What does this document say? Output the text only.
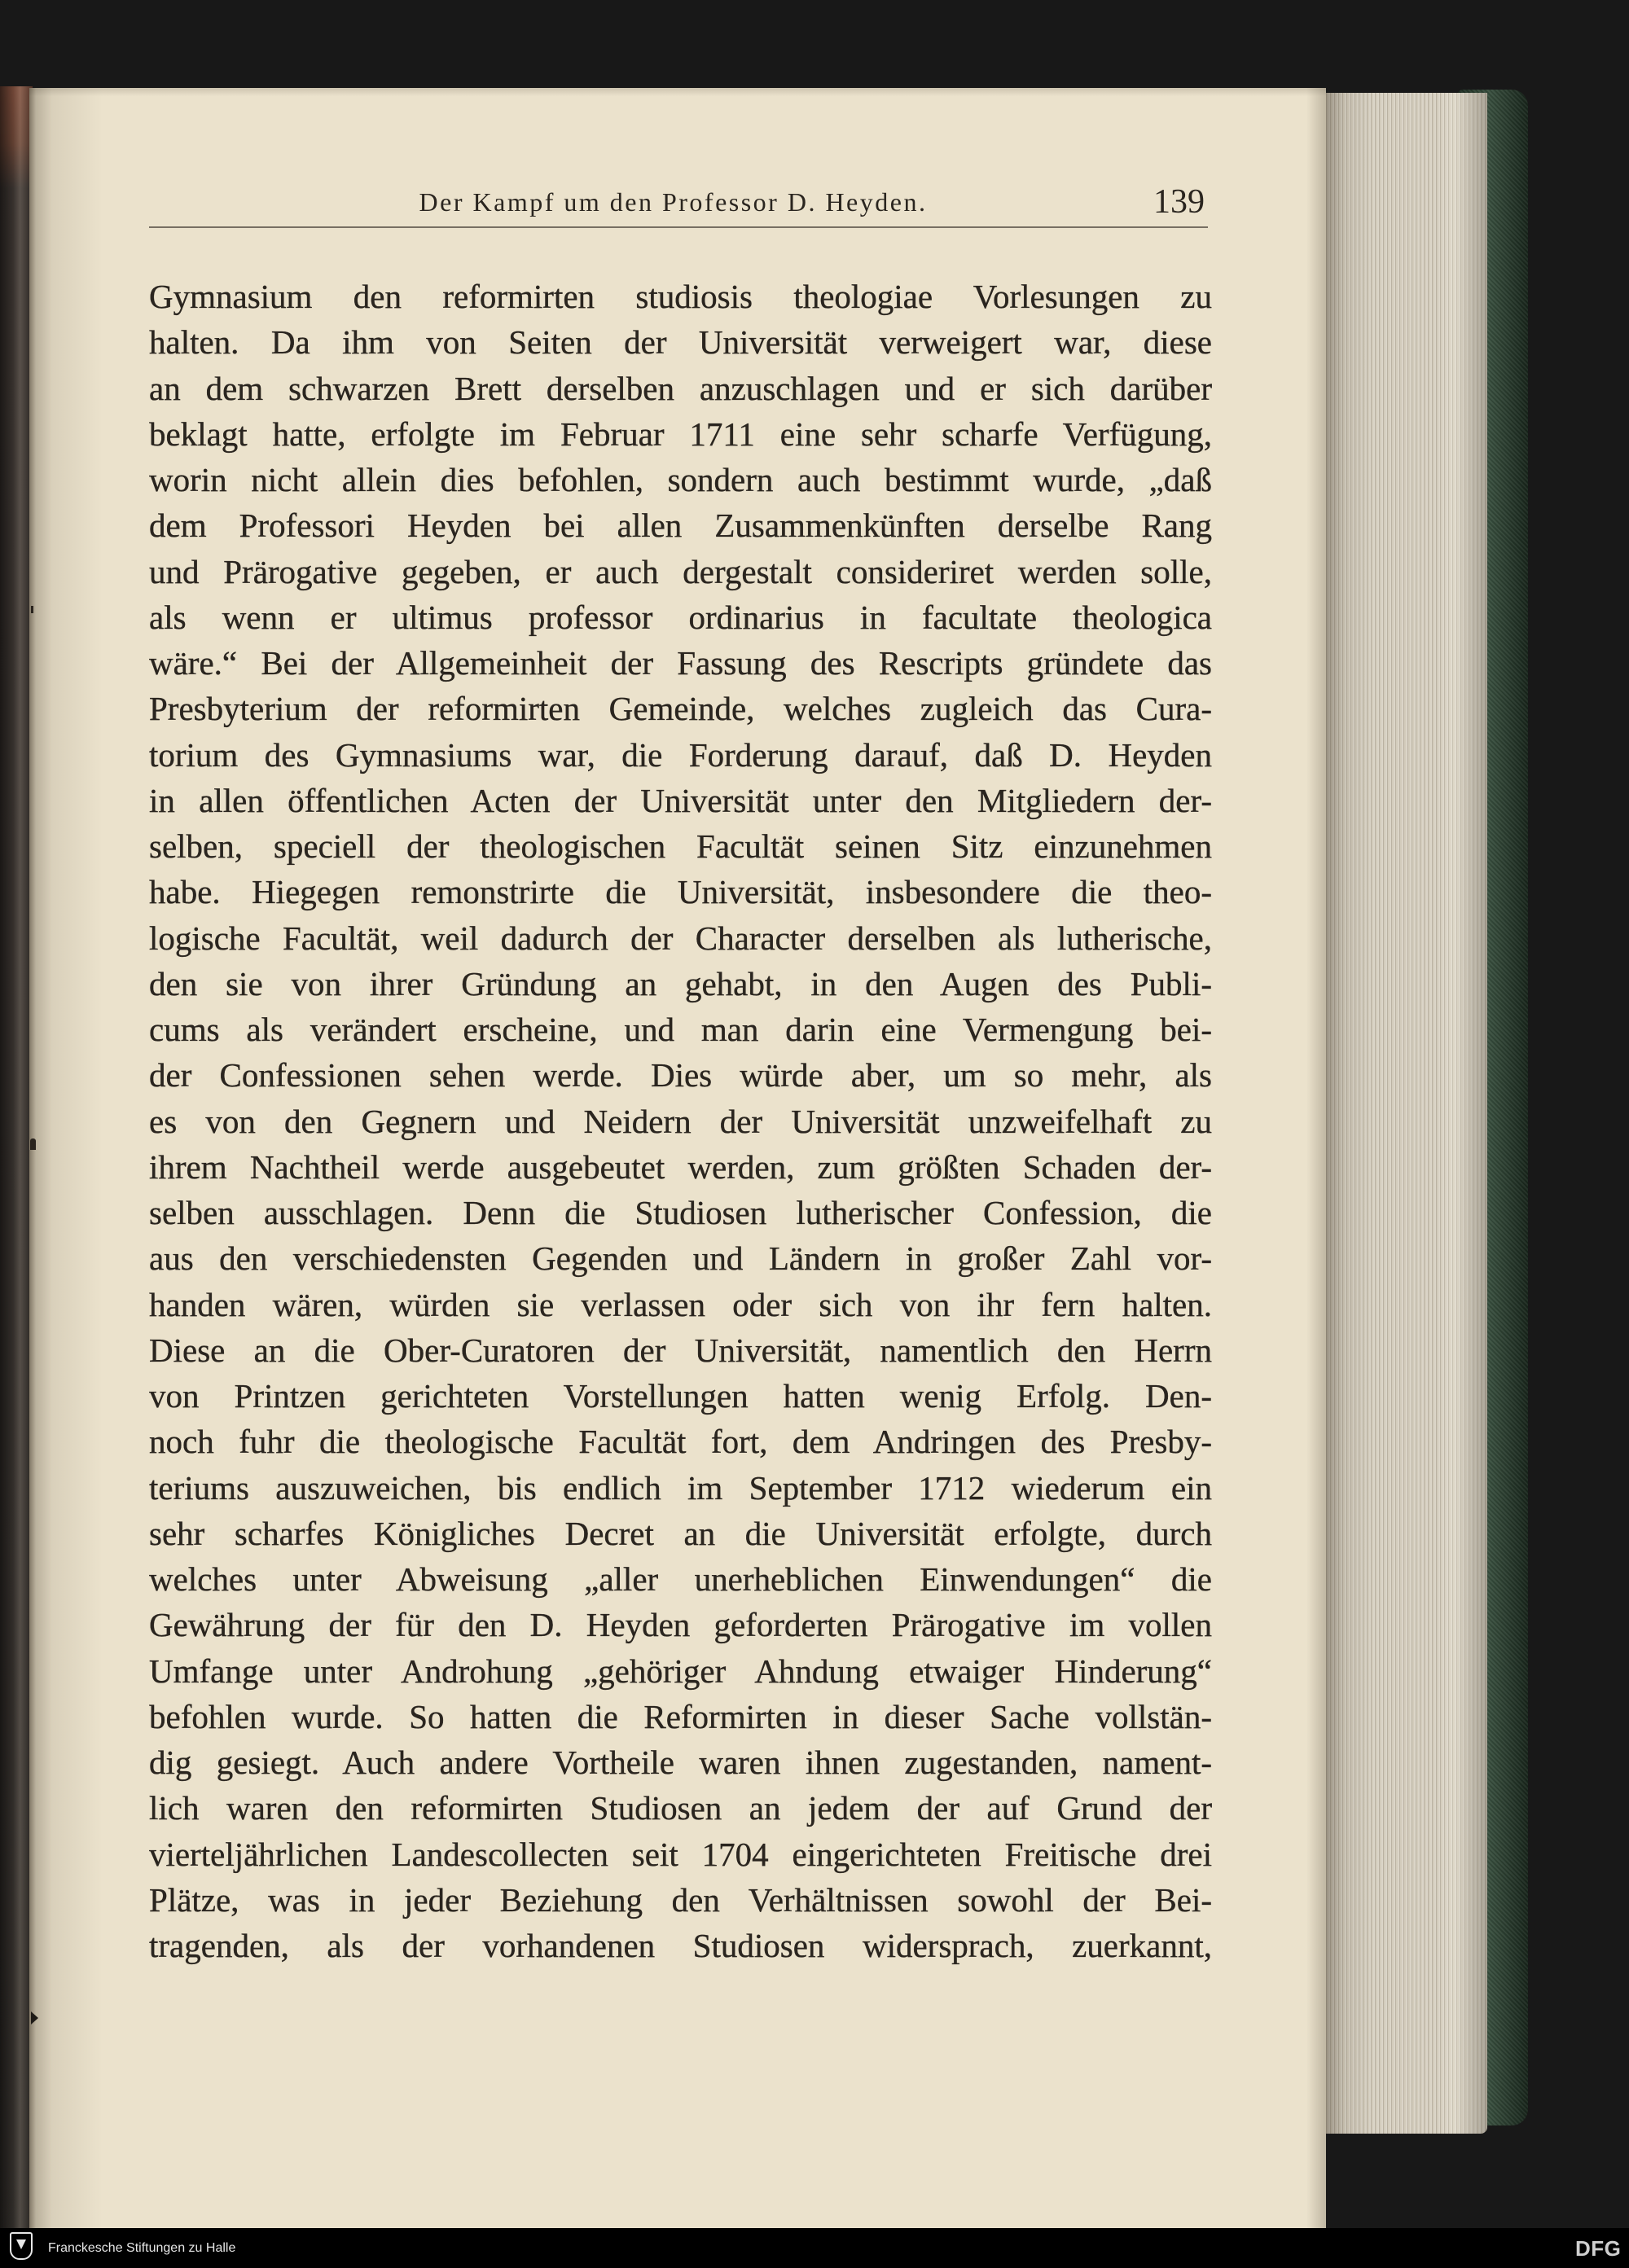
Der Kampf um den Professor D. Heyden.	139
Gymnasium den reformirten studiosis theologiae Vorlesungen zu
halten. Da ihm von Seiten der Universität verweigert war, diese
an dem schwarzen Brett derselben anzuschlagen und er sich darüber
beklagt hatte, erfolgte im Februar 1711 eine sehr scharfe Verfügung,
worin nicht allein dies befohlen, sondern auch bestimmt wurde, „daß
dem Professori Heyden bei allen Zusammenkünften derselbe Rang
und Prärogative gegeben, er auch dergestalt consideriret werden solle,
als wenn er ultimus professor ordinarius in facultate theologica
wäre.“ Bei der Allgemeinheit der Fassung des Rescripts gründete das
Presbyterium der reformirten Gemeinde, welches zugleich das Cura-
torium des Gymnasiums war, die Forderung darauf, daß D. Heyden
in allen öffentlichen Acten der Universität unter den Mitgliedern der-
selben, speciell der theologischen Facultät seinen Sitz einzunehmen
habe. Hiegegen remonstrirte die Universität, insbesondere die theo-
logische Facultät, weil dadurch der Character derselben als lutherische,
den sie von ihrer Gründung an gehabt, in den Augen des Publi-
cums als verändert erscheine, und man darin eine Vermengung bei-
der Confessionen sehen werde. Dies würde aber, um so mehr, als
es von den Gegnern und Neidern der Universität unzweifelhaft zu
ihrem Nachtheil werde ausgebeutet werden, zum größten Schaden der-
selben ausschlagen. Denn die Studiosen lutherischer Confession, die
aus den verschiedensten Gegenden und Ländern in großer Zahl vor-
handen wären, würden sie verlassen oder sich von ihr fern halten.
Diese an die Ober-Curatoren der Universität, namentlich den Herrn
von Printzen gerichteten Vorstellungen hatten wenig Erfolg. Den-
noch fuhr die theologische Facultät fort, dem Andringen des Presby-
teriums auszuweichen, bis endlich im September 1712 wiederum ein
sehr scharfes Königliches Decret an die Universität erfolgte, durch
welches unter Abweisung „aller unerheblichen Einwendungen“ die
Gewährung der für den D. Heyden geforderten Prärogative im vollen
Umfange unter Androhung „gehöriger Ahndung etwaiger Hinderung“
befohlen wurde. So hatten die Reformirten in dieser Sache vollstän-
dig gesiegt. Auch andere Vortheile waren ihnen zugestanden, nament-
lich waren den reformirten Studiosen an jedem der auf Grund der
vierteljährlichen Landescollecten seit 1704 eingerichteten Freitische drei
Plätze, was in jeder Beziehung den Verhältnissen sowohl der Bei-
tragenden, als der vorhandenen Studiosen widersprach, zuerkannt,
Franckesche Stiftungen zu Halle	DFG
